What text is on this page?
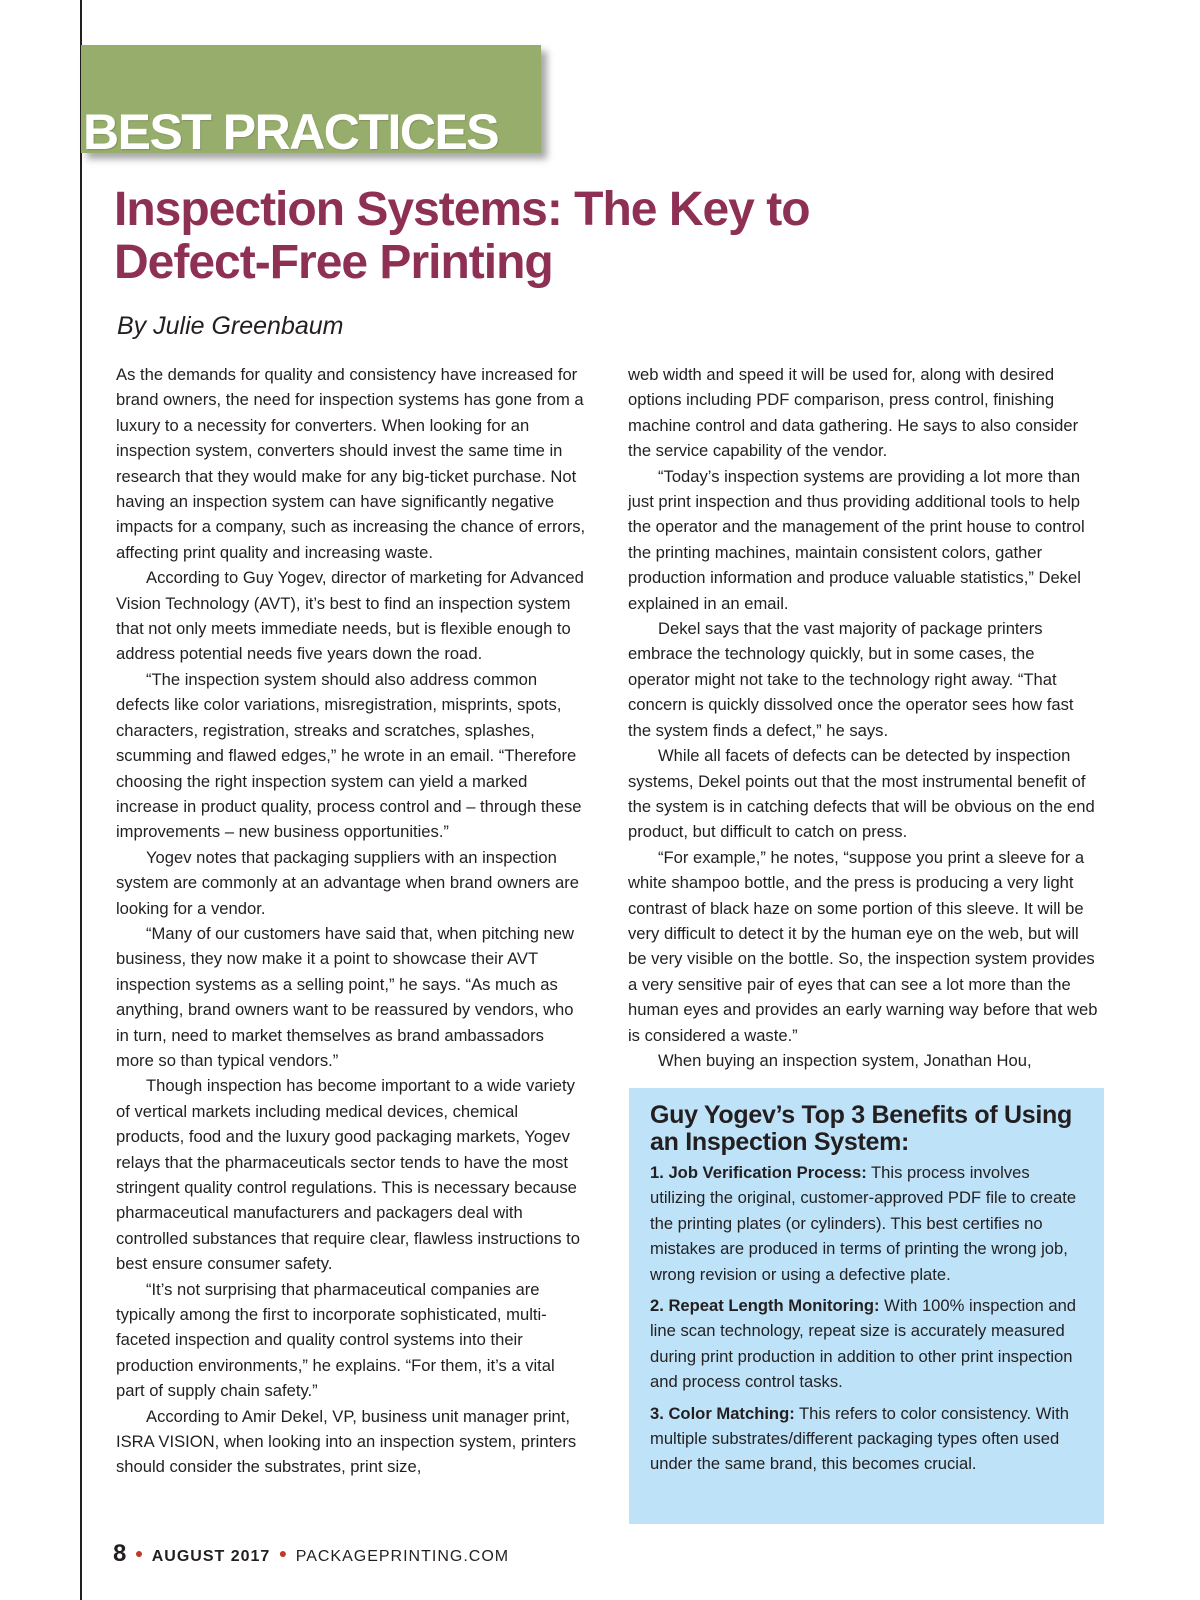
BEST PRACTICES
Inspection Systems: The Key to
Defect-Free Printing

By Julie Greenbaum

As the demands for quality and consistency have increased for brand owners, the need for inspection systems has gone from a luxury to a necessity for converters. When looking for an inspection system, converters should invest the same time in research that they would make for any big-ticket purchase. Not having an inspection system can have significantly negative impacts for a company, such as increasing the chance of errors, affecting print quality and increasing waste.

According to Guy Yogev, director of marketing for Advanced Vision Technology (AVT), it’s best to find an inspection system that not only meets immediate needs, but is flexible enough to address potential needs five years down the road.

“The inspection system should also address common defects like color variations, misregistration, misprints, spots, characters, registration, streaks and scratches, splashes, scumming and flawed edges,” he wrote in an email. “Therefore choosing the right inspection system can yield a marked increase in product quality, process control and – through these improvements – new business opportunities.”

Yogev notes that packaging suppliers with an inspection system are commonly at an advantage when brand owners are looking for a vendor.

“Many of our customers have said that, when pitching new business, they now make it a point to showcase their AVT inspection systems as a selling point,” he says. “As much as anything, brand owners want to be reassured by vendors, who in turn, need to market themselves as brand ambassadors more so than typical vendors.”

Though inspection has become important to a wide variety of vertical markets including medical devices, chemical products, food and the luxury good packaging markets, Yogev relays that the pharmaceuticals sector tends to have the most stringent quality control regulations. This is necessary because pharmaceutical manufacturers and packagers deal with controlled substances that require clear, flawless instructions to best ensure consumer safety.

“It’s not surprising that pharmaceutical companies are typically among the first to incorporate sophisticated, multi-faceted inspection and quality control systems into their production environments,” he explains. “For them, it’s a vital part of supply chain safety.”

According to Amir Dekel, VP, business unit manager print, ISRA VISION, when looking into an inspection system, printers should consider the substrates, print size,

web width and speed it will be used for, along with desired options including PDF comparison, press control, finishing machine control and data gathering. He says to also consider the service capability of the vendor.

“Today’s inspection systems are providing a lot more than just print inspection and thus providing additional tools to help the operator and the management of the print house to control the printing machines, maintain consistent colors, gather production information and produce valuable statistics,” Dekel explained in an email.

Dekel says that the vast majority of package printers embrace the technology quickly, but in some cases, the operator might not take to the technology right away. “That concern is quickly dissolved once the operator sees how fast the system finds a defect,” he says.

While all facets of defects can be detected by inspection systems, Dekel points out that the most instrumental benefit of the system is in catching defects that will be obvious on the end product, but difficult to catch on press.

“For example,” he notes, “suppose you print a sleeve for a white shampoo bottle, and the press is producing a very light contrast of black haze on some portion of this sleeve. It will be very difficult to detect it by the human eye on the web, but will be very visible on the bottle. So, the inspection system provides a very sensitive pair of eyes that can see a lot more than the human eyes and provides an early warning way before that web is considered a waste.”

When buying an inspection system, Jonathan Hou,

Guy Yogev’s Top 3 Benefits of Using an Inspection System:

1. Job Verification Process: This process involves utilizing the original, customer-approved PDF file to create the printing plates (or cylinders). This best certifies no mistakes are produced in terms of printing the wrong job, wrong revision or using a defective plate.

2. Repeat Length Monitoring: With 100% inspection and line scan technology, repeat size is accurately measured during print production in addition to other print inspection and process control tasks.

3. Color Matching: This refers to color consistency. With multiple substrates/different packaging types often used under the same brand, this becomes crucial.

8 ● AUGUST 2017 ● PACKAGEPRINTING.COM
